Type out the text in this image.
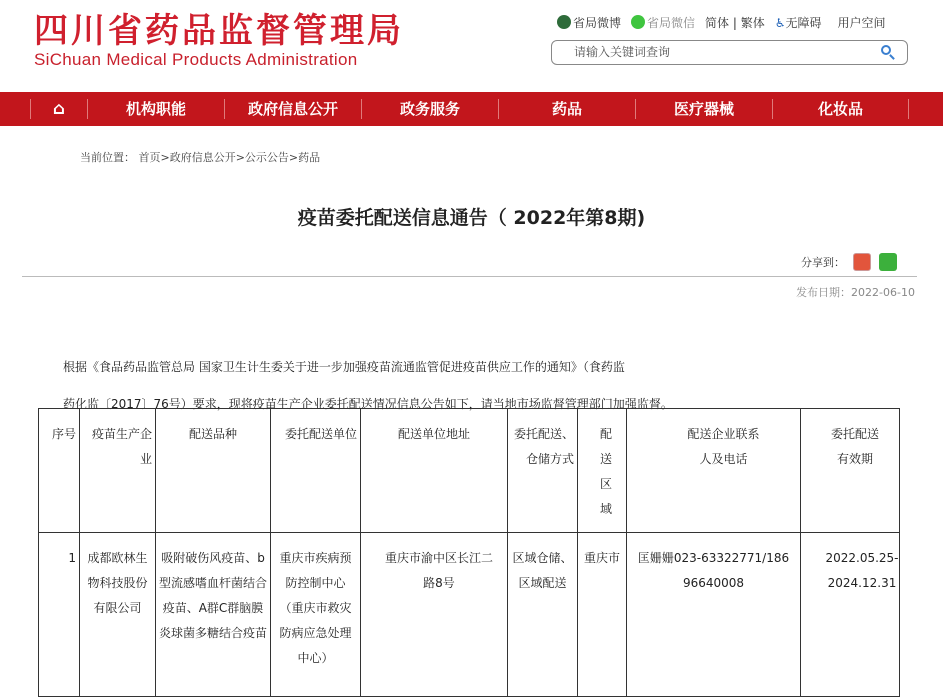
四川省药品监督管理局
SiChuan Medical Products Administration
省局微博	省局微信 简体 | 繁体 ♿无障碍 用户空间
请输入关键词查询
⌂	机构职能	政府信息公开	政务服务	药品	医疗器械	化妆品
当前位置： 首页>政府信息公开>公示公告>药品
疫苗委托配送信息通告（ 2022年第8期)
分享到：
发布日期：2022-06-10
根据《食品药品监管总局 国家卫生计生委关于进一步加强疫苗流通监管促进疫苗供应工作的通知》（食药监
药化监〔2017〕76号）要求，现将疫苗生产企业委托配送情况信息公告如下，请当地市场监督管理部门加强监督。
序号	疫苗生产企业	配送品种	委托配送单位	配送单位地址	委托配送、仓储方式	配送区域	配送企业联系人及电话	委托配送有效期
1	成都欧林生物科技股份有限公司	吸附破伤风疫苗、b型流感嗜血杆菌结合疫苗、A群C群脑膜炎球菌多糖结合疫苗	重庆市疾病预防控制中心（重庆市救灾防病应急处理中心）	重庆市渝中区长江二路8号	区域仓储、区域配送	重庆市	匡姗姗023-63322771/18696640008	2022.05.25-2024.12.31
